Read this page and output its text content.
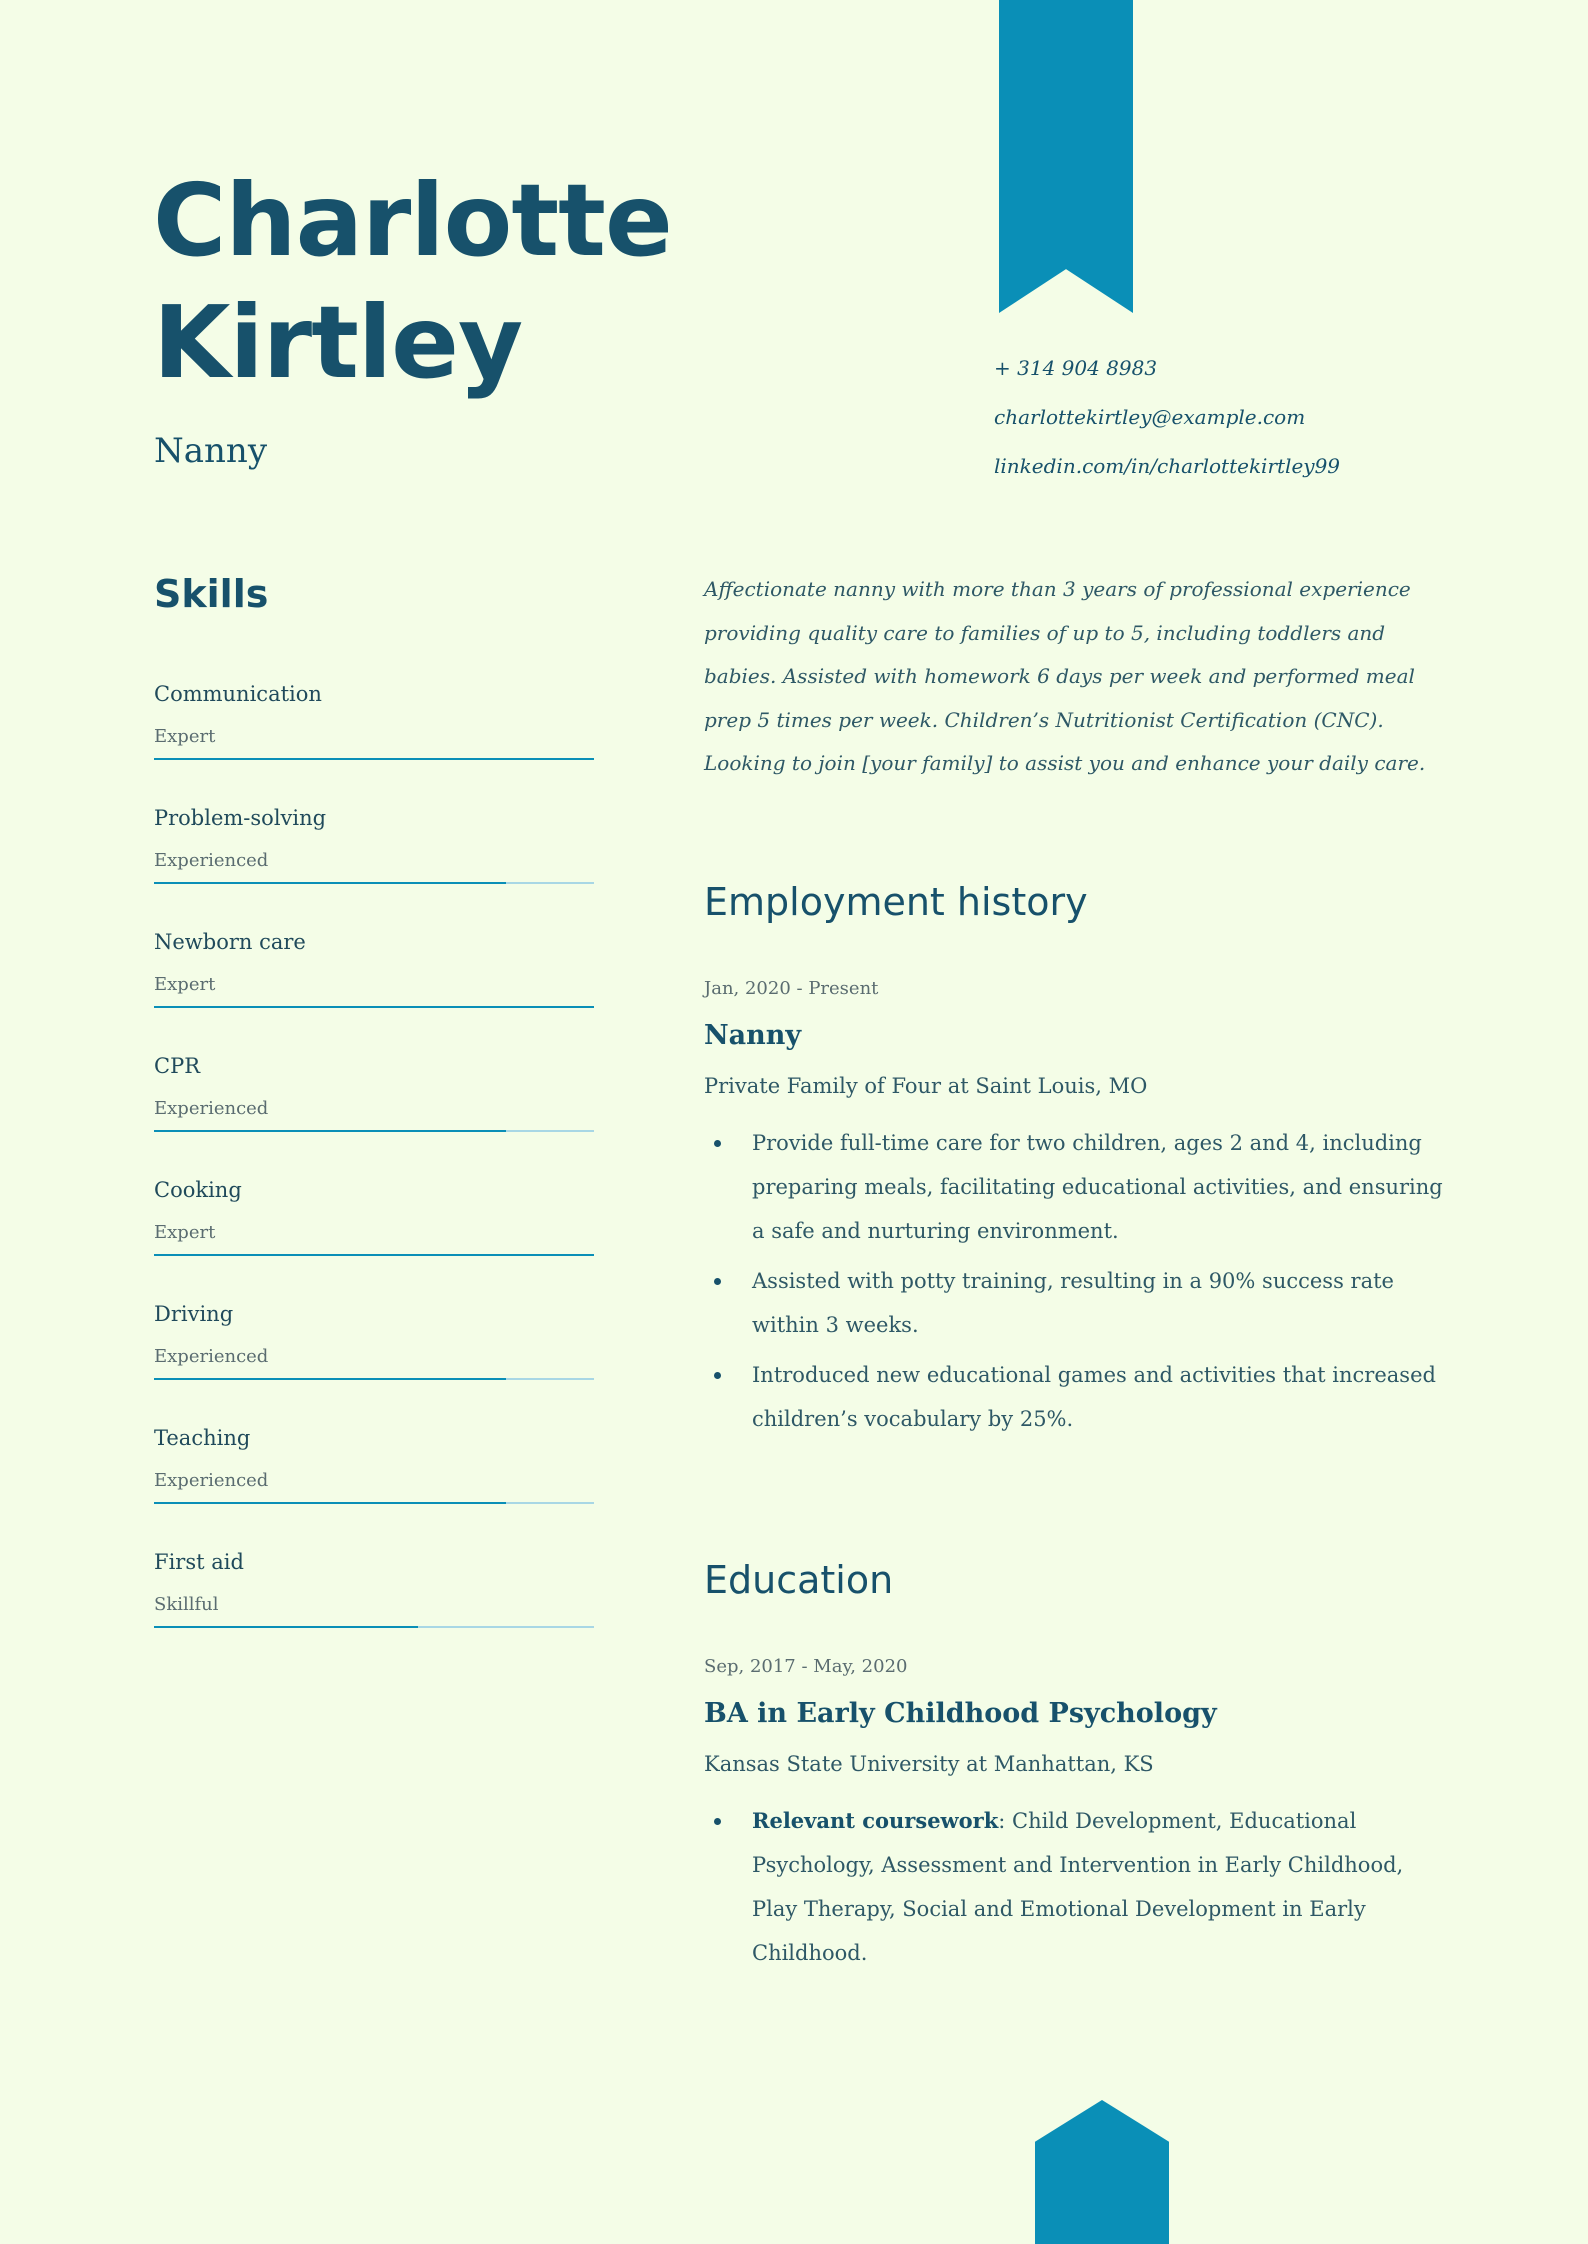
Charlotte
Kirtley
Nanny
+ 314 904 8983
charlottekirtley@example.com
linkedin.com/in/charlottekirtley99
Skills
Communication
Expert
Problem-solving
Experienced
Newborn care
Expert
CPR
Experienced
Cooking
Expert
Driving
Experienced
Teaching
Experienced
First aid
Skillful

Affectionate nanny with more than 3 years of professional experience providing quality care to families of up to 5, including toddlers and babies. Assisted with homework 6 days per week and performed meal prep 5 times per week. Children’s Nutritionist Certification (CNC). Looking to join [your family] to assist you and enhance your daily care.

Employment history
Jan, 2020 - Present
Nanny
Private Family of Four at Saint Louis, MO
Provide full-time care for two children, ages 2 and 4, including preparing meals, facilitating educational activities, and ensuring a safe and nurturing environment.
Assisted with potty training, resulting in a 90% success rate within 3 weeks.
Introduced new educational games and activities that increased children’s vocabulary by 25%.
Education
Sep, 2017 - May, 2020
BA in Early Childhood Psychology
Kansas State University at Manhattan, KS
Relevant coursework: Child Development, Educational Psychology, Assessment and Intervention in Early Childhood, Play Therapy, Social and Emotional Development in Early Childhood.
